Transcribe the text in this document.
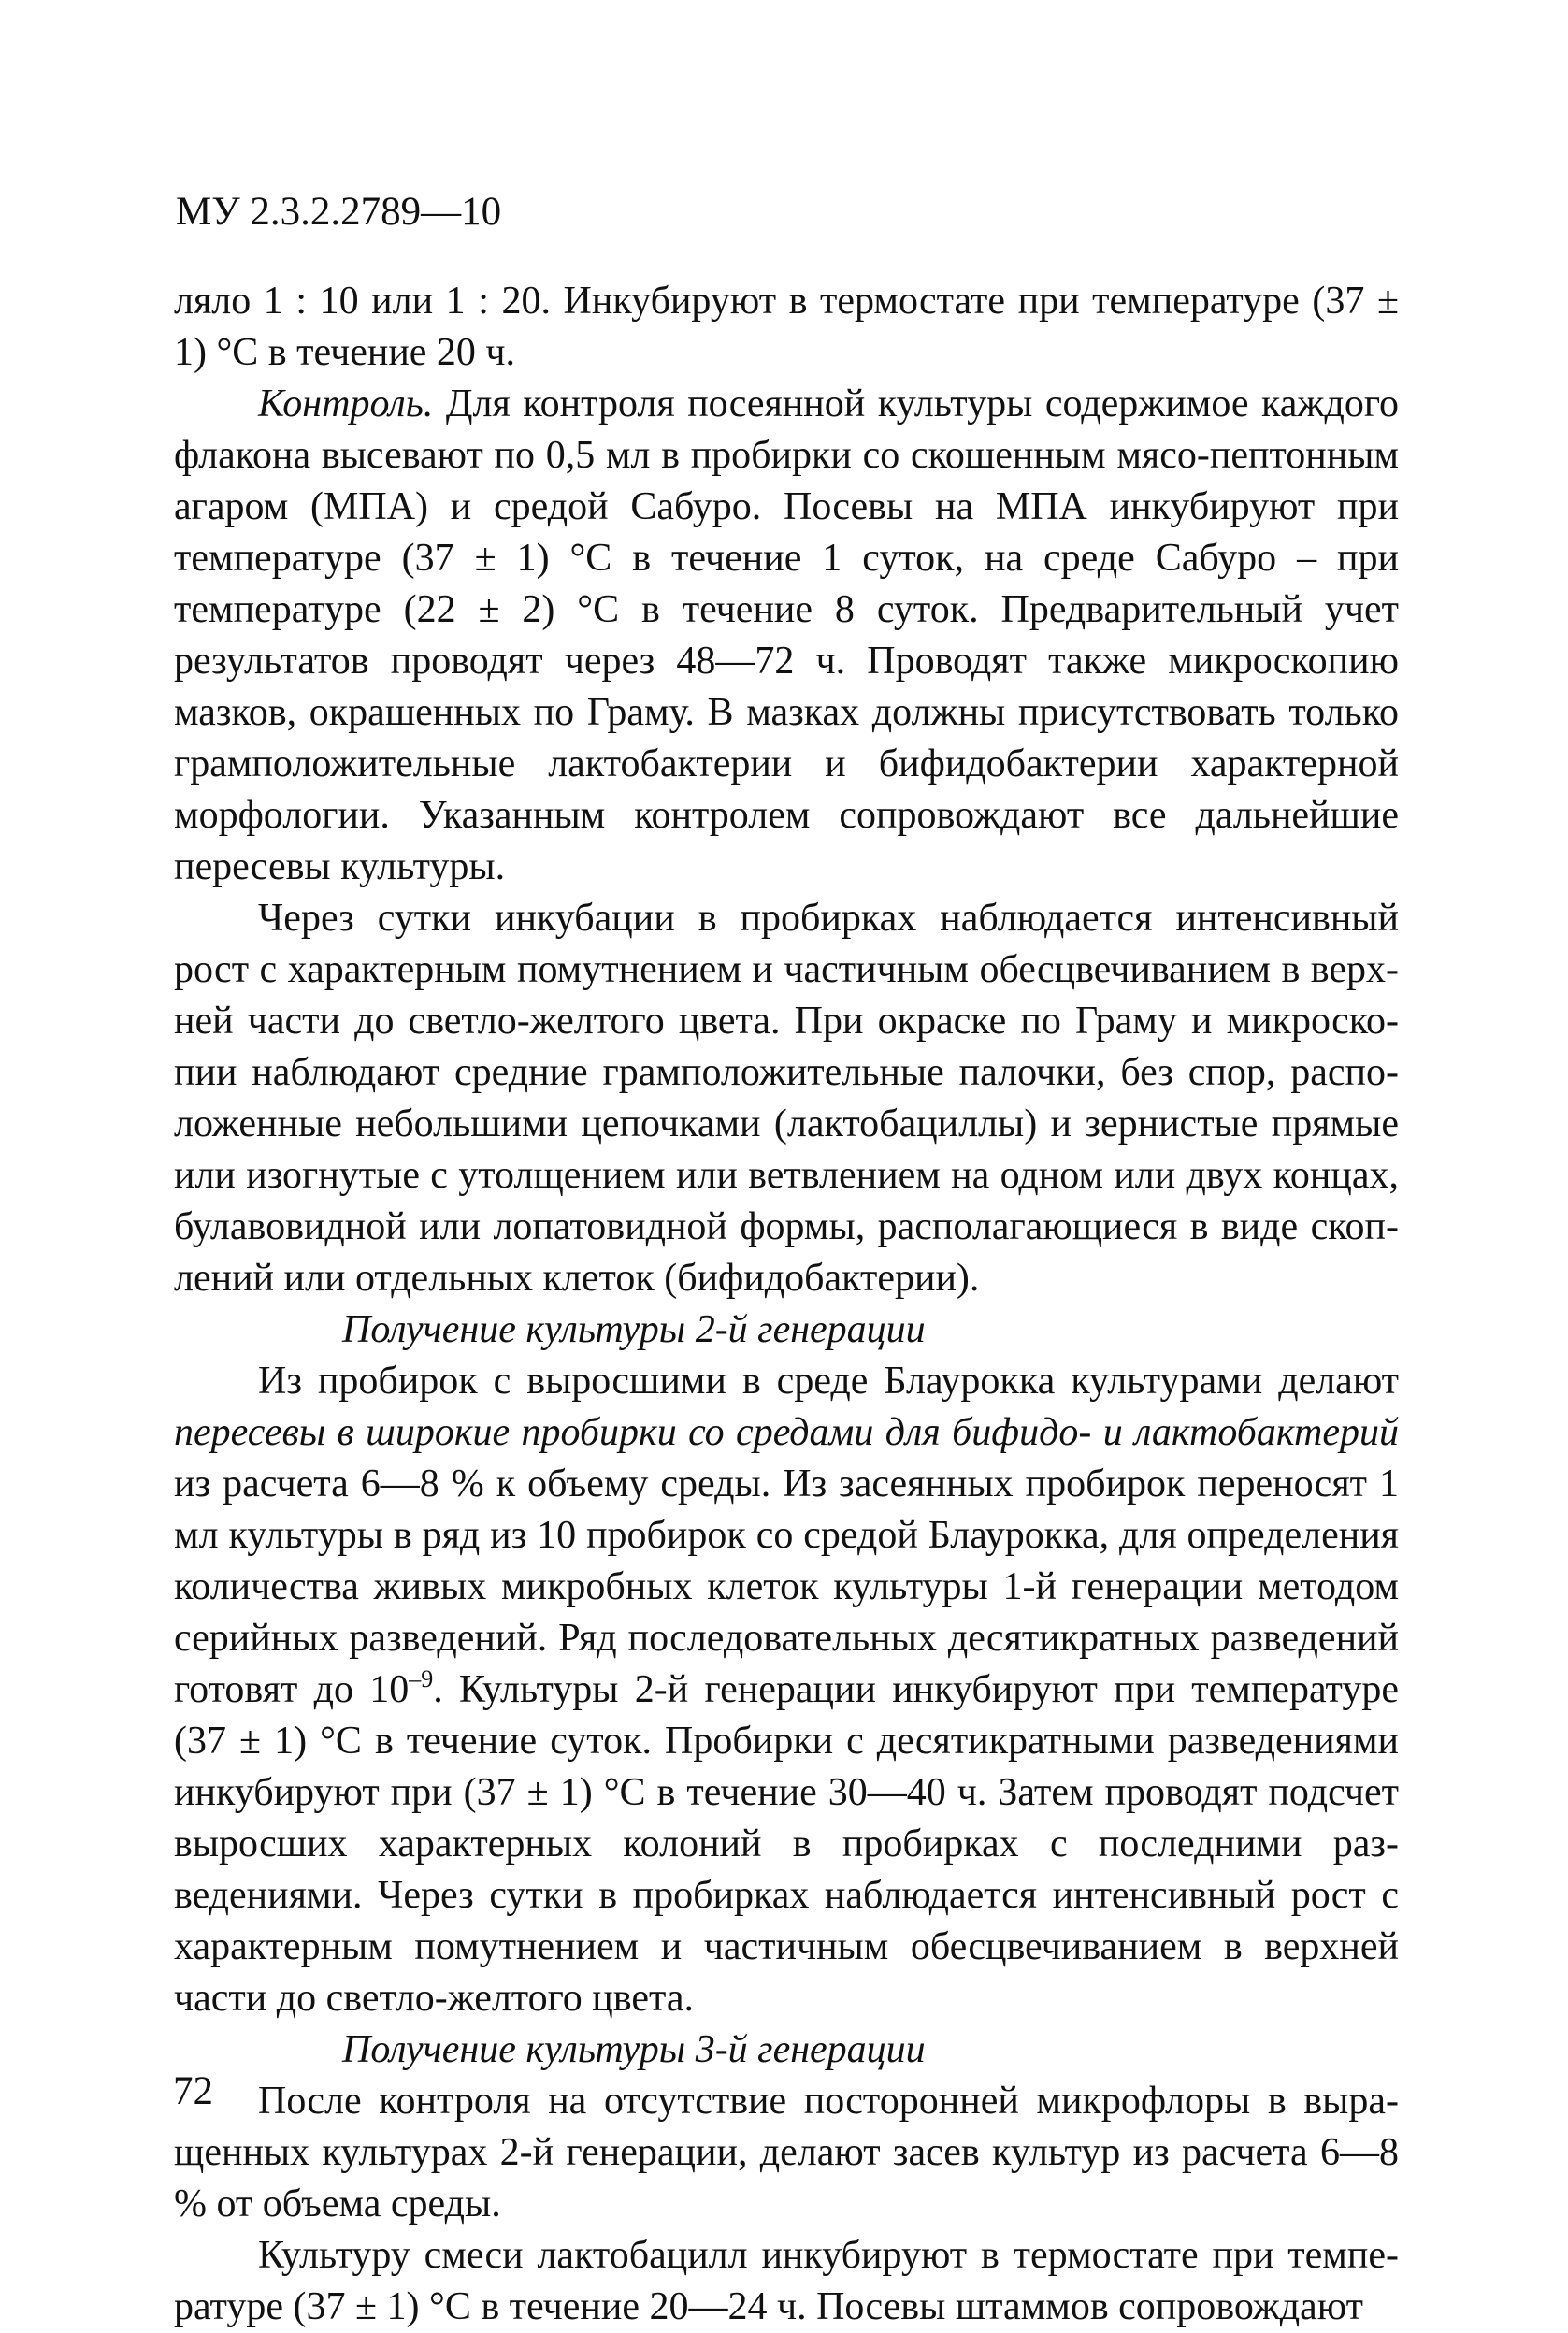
МУ 2.3.2.2789—10

ляло 1 : 10 или 1 : 20. Инкубируют в термостате при температуре (37 ± 1) °С в течение 20 ч.

Контроль. Для контроля посеянной культуры содержимое каждого флакона высевают по 0,5 мл в пробирки со скошенным мясо-пептонным агаром (МПА) и средой Сабуро. Посевы на МПА инкубируют при температуре (37 ± 1) °С в течение 1 суток, на среде Сабуро – при температуре (22 ± 2) °С в течение 8 суток. Предварительный учет результатов проводят через 48—72 ч. Проводят также микроскопию мазков, окрашенных по Граму. В мазках должны присутствовать только грамположительные лактобактерии и бифидобактерии характерной морфологии. Указанным контролем сопровождают все дальнейшие пересевы культуры.

Через сутки инкубации в пробирках наблюдается интенсивный рост с характерным помутнением и частичным обесцвечиванием в верхней части до светло-желтого цвета. При окраске по Граму и микроскопии наблюдают средние грамположительные палочки, без спор, расположенные небольшими цепочками (лактобациллы) и зернистые прямые или изогнутые с утолщением или ветвлением на одном или двух концах, булавовидной или лопатовидной формы, располагающиеся в виде скоплений или отдельных клеток (бифидобактерии).

Получение культуры 2-й генерации

Из пробирок с выросшими в среде Блаурокка культурами делают пересевы в широкие пробирки со средами для бифидо- и лактобактерий из расчета 6—8 % к объему среды. Из засеянных пробирок переносят 1 мл культуры в ряд из 10 пробирок со средой Блаурокка, для определения количества живых микробных клеток культуры 1-й генерации методом серийных разведений. Ряд последовательных десятикратных разведений готовят до $10^{-9}$. Культуры 2-й генерации инкубируют при температуре (37 ± 1) °С в течение суток. Пробирки с десятикратными разведениями инкубируют при (37 ± 1) °С в течение 30—40 ч. Затем проводят подсчет выросших характерных колоний в пробирках с последними разведениями. Через сутки в пробирках наблюдается интенсивный рост с характерным помутнением и частичным обесцвечиванием в верхней части до светло-желтого цвета.

Получение культуры 3-й генерации

После контроля на отсутствие посторонней микрофлоры в выращенных культурах 2-й генерации, делают засев культур из расчета 6—8 % от объема среды.

Культуру смеси лактобацилл инкубируют в термостате при температуре (37 ± 1) °С в течение 20—24 ч. Посевы штаммов сопровождают

72
